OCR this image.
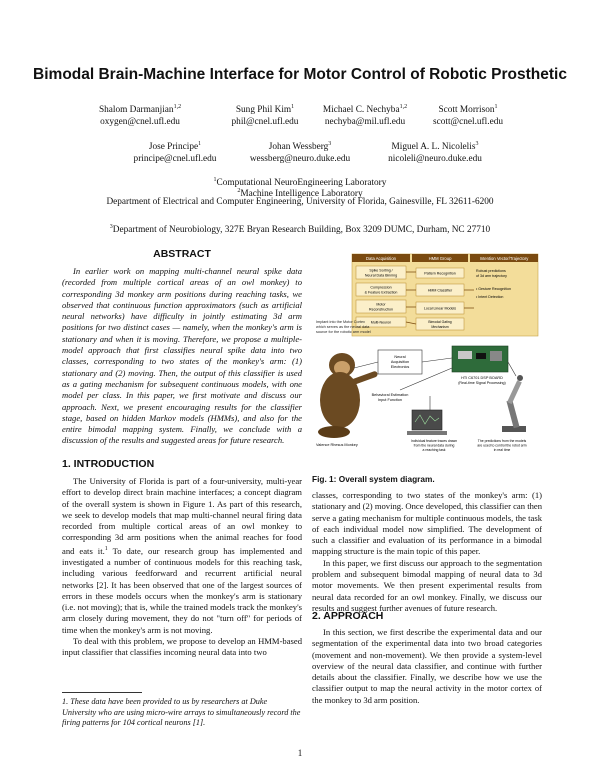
Bimodal Brain-Machine Interface for Motor Control of Robotic Prosthetic
Shalom Darmanjian$^{1,2}$
oxygen@cnel.ufl.edu
Sung Phil Kim$^1$
phil@cnel.ufl.edu
Michael C. Nechyba$^{1,2}$
nechyba@mil.ufl.edu
Scott Morrison$^1$
scott@cnel.ufl.edu
Jose Principe$^1$
principe@cnel.ufl.edu
Johan Wessberg$^3$
wessberg@neuro.duke.edu
Miguel A. L. Nicolelis$^3$
nicoleli@neuro.duke.edu
$^1$Computational NeuroEngineering Laboratory
$^2$Machine Intelligence Laboratory
Department of Electrical and Computer Engineering, University of Florida, Gainesville, FL 32611-6200
$^3$Department of Neurobiology, 327E Bryan Research Building, Box 3209 DUMC, Durham, NC 27710
ABSTRACT

In earlier work on mapping multi-channel neural spike data (recorded from multiple cortical areas of an owl monkey) to corresponding 3d monkey arm positions during reaching tasks, we observed that continuous function approximators (such as artificial neural networks) have difficulty in jointly estimating 3d arm positions for two distinct cases — namely, when the monkey's arm is stationary and when it is moving. Therefore, we propose a multiple-model approach that first classifies neural spike data into two classes, corresponding to two states of the monkey's arm: (1) stationary and (2) moving. Then, the output of this classifier is used as a gating mechanism for subsequent continuous models, with one model per class. In this paper, we first motivate and discuss our approach. Next, we present encouraging results for the classifier stage, based on hidden Markov models (HMMs), and also for the entire bimodal mapping system. Finally, we conclude with a discussion of the results and suggested areas for future research.

1. INTRODUCTION

The University of Florida is part of a four-university, multi-year effort to develop direct brain machine interfaces; a concept diagram of the overall system is shown in Figure 1. As part of this research, we seek to develop models that map multi-channel neural firing data recorded from multiple cortical areas of an owl monkey to corresponding 3d arm positions when the animal reaches for food and eats it.$^1$ To date, our research group has implemented and investigated a number of continuous models for this reaching task, including various feedforward and recurrent artificial neural networks [2]. It has been observed that one of the largest sources of errors in these models occurs when the monkey's arm is stationary (i.e. not moving); that is, while the trained models track the monkey's arm closely during movement, they do not "turn off" for periods of time when the monkey's arm is not moving.

To deal with this problem, we propose to develop an HMM-based input classifier that classifies incoming neural data into two

1. These data have been provided to us by researchers at Duke University who are using micro-wire arrays to simultaneously record the firing patterns for 104 cortical neurons [1].
Data Acquisition	HMM Group	Intention Vector/Trajectory
Spike Sorting /
Neural Data Binning
Compression
& Feature Extraction
Motor
Reconstruction
Multi-Neuron
Pattern Recognition
HMM Classifier
Local Linear Models
Bimodal Gating
Mechanism
Robust predictions
of 3d arm trajectory
• Gesture Recognition
• Intent Detection
Implant into the Motor Cortex
which serves as the neural data
source for the robotic arm model
Valence Rhesus Monkey
Neural
Acquisition
Electronics
HTI C6701 DSP BOARD
(Real-time Signal Processing)
Behavioral Estimation
Input Function
Individual feature traces drawn
from the neural data during
a reaching task
The predictions from the models
are used to control the robot arm
in real time
Fig. 1: Overall system diagram.

classes, corresponding to two states of the monkey's arm: (1) stationary and (2) moving. Once developed, this classifier can then serve a gating mechanism for multiple continuous models, the task of each individual model now simplified. The development of such a classifier and evaluation of its performance in a bimodal mapping structure is the main topic of this paper.

In this paper, we first discuss our approach to the segmentation problem and subsequent bimodal mapping of neural data to 3d motor movements. We then present experimental results from neural data recorded for an owl monkey. Finally, we discuss our results and suggest further avenues of future research.

2. APPROACH

In this section, we first describe the experimental data and our segmentation of the experimental data into two broad categories (movement and non-movement). We then provide a system-level overview of the neural data classifier, and continue with further details about the classifier. Finally, we describe how we use the classifier output to map the neural activity in the motor cortex of the monkey to 3d arm position.

1
